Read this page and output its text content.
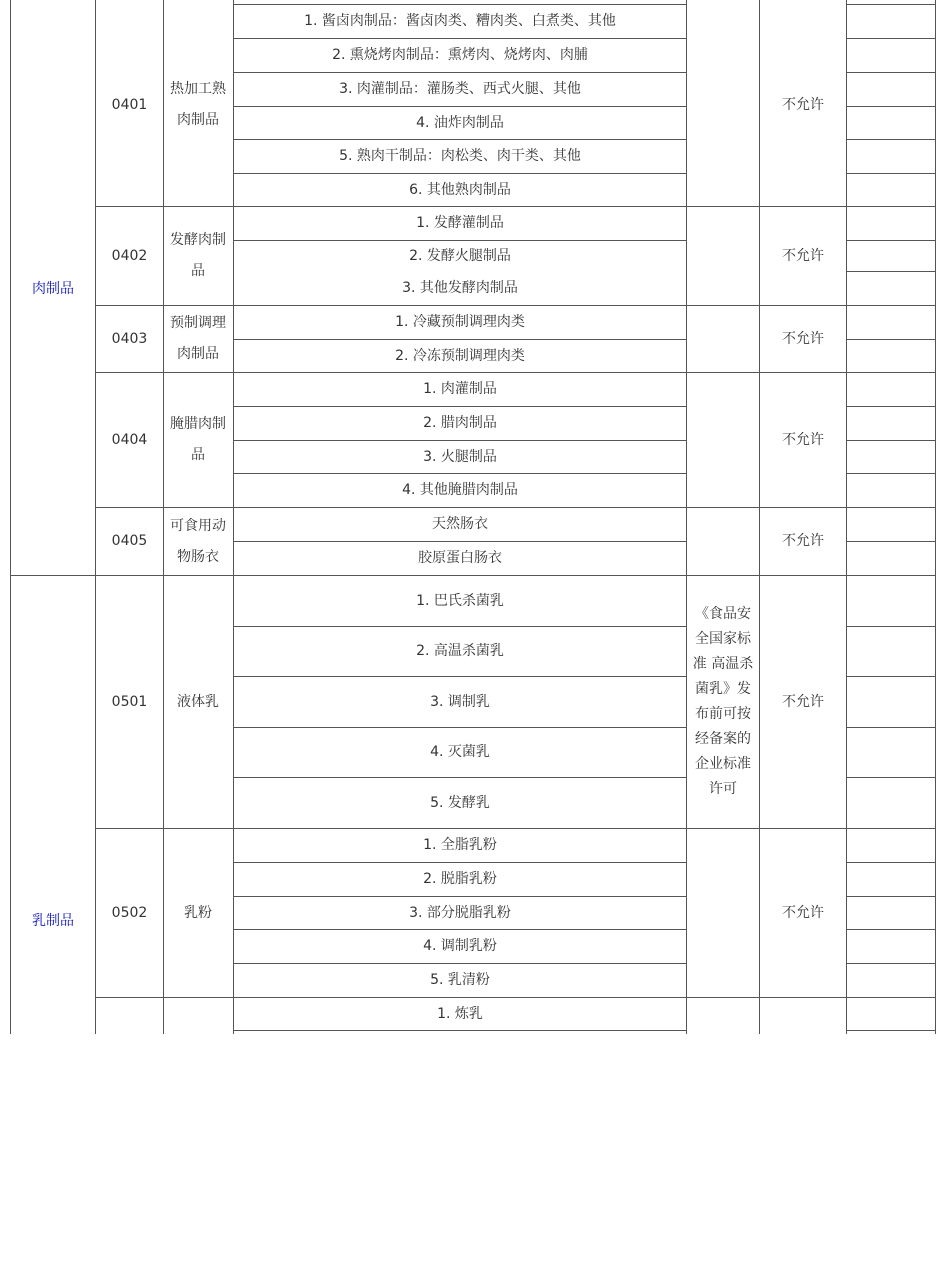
肉制品
乳制品
0401
0402
0403
0404
0405
0501
0502
热加工熟肉制品
发酵肉制品
预制调理肉制品
腌腊肉制品
可食用动物肠衣
液体乳
乳粉
1. 酱卤肉制品：酱卤肉类、糟肉类、白煮类、其他
2. 熏烧烤肉制品：熏烤肉、烧烤肉、肉脯
3. 肉灌制品：灌肠类、西式火腿、其他
4. 油炸肉制品
5. 熟肉干制品：肉松类、肉干类、其他
6. 其他熟肉制品
1. 发酵灌制品
2. 发酵火腿制品
3. 其他发酵肉制品
1. 冷藏预制调理肉类
2. 冷冻预制调理肉类
1. 肉灌制品
2. 腊肉制品
3. 火腿制品
4. 其他腌腊肉制品
天然肠衣
胶原蛋白肠衣
1. 巴氏杀菌乳
2. 高温杀菌乳
3. 调制乳
4. 灭菌乳
5. 发酵乳
1. 全脂乳粉
2. 脱脂乳粉
3. 部分脱脂乳粉
4. 调制乳粉
5. 乳清粉
1. 炼乳
《食品安全国家标准 高温杀菌乳》发布前可按经备案的企业标准许可
不允许
不允许
不允许
不允许
不允许
不允许
不允许
